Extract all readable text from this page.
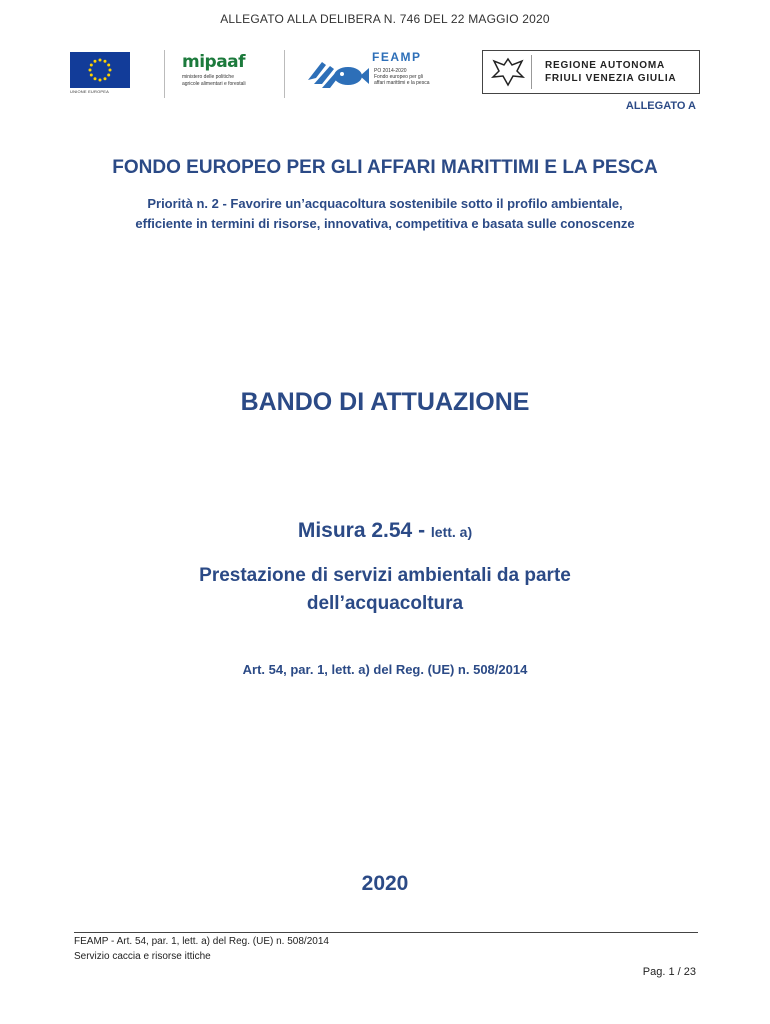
ALLEGATO ALLA DELIBERA N. 746 DEL 22 MAGGIO 2020
UNIONE EUROPEA
mipaaf
ministero delle politiche
agricole alimentari e forestali
FEAMP
PO 2014-2020
Fondo europeo per gli
affari marittimi e la pesca
REGIONE AUTONOMA
FRIULI VENEZIA GIULIA
ALLEGATO A
FONDO EUROPEO PER GLI AFFARI MARITTIMI E LA PESCA
Priorità n. 2 - Favorire un’acquacoltura sostenibile sotto il profilo ambientale,
efficiente in termini di risorse, innovativa, competitiva e basata sulle conoscenze
BANDO DI ATTUAZIONE
Misura 2.54 - lett. a)
Prestazione di servizi ambientali da parte
dell’acquacoltura
Art. 54, par. 1, lett. a) del Reg. (UE) n. 508/2014
2020
FEAMP - Art. 54, par. 1, lett. a) del Reg. (UE) n. 508/2014
Servizio caccia e risorse ittiche
Pag. 1 / 23
